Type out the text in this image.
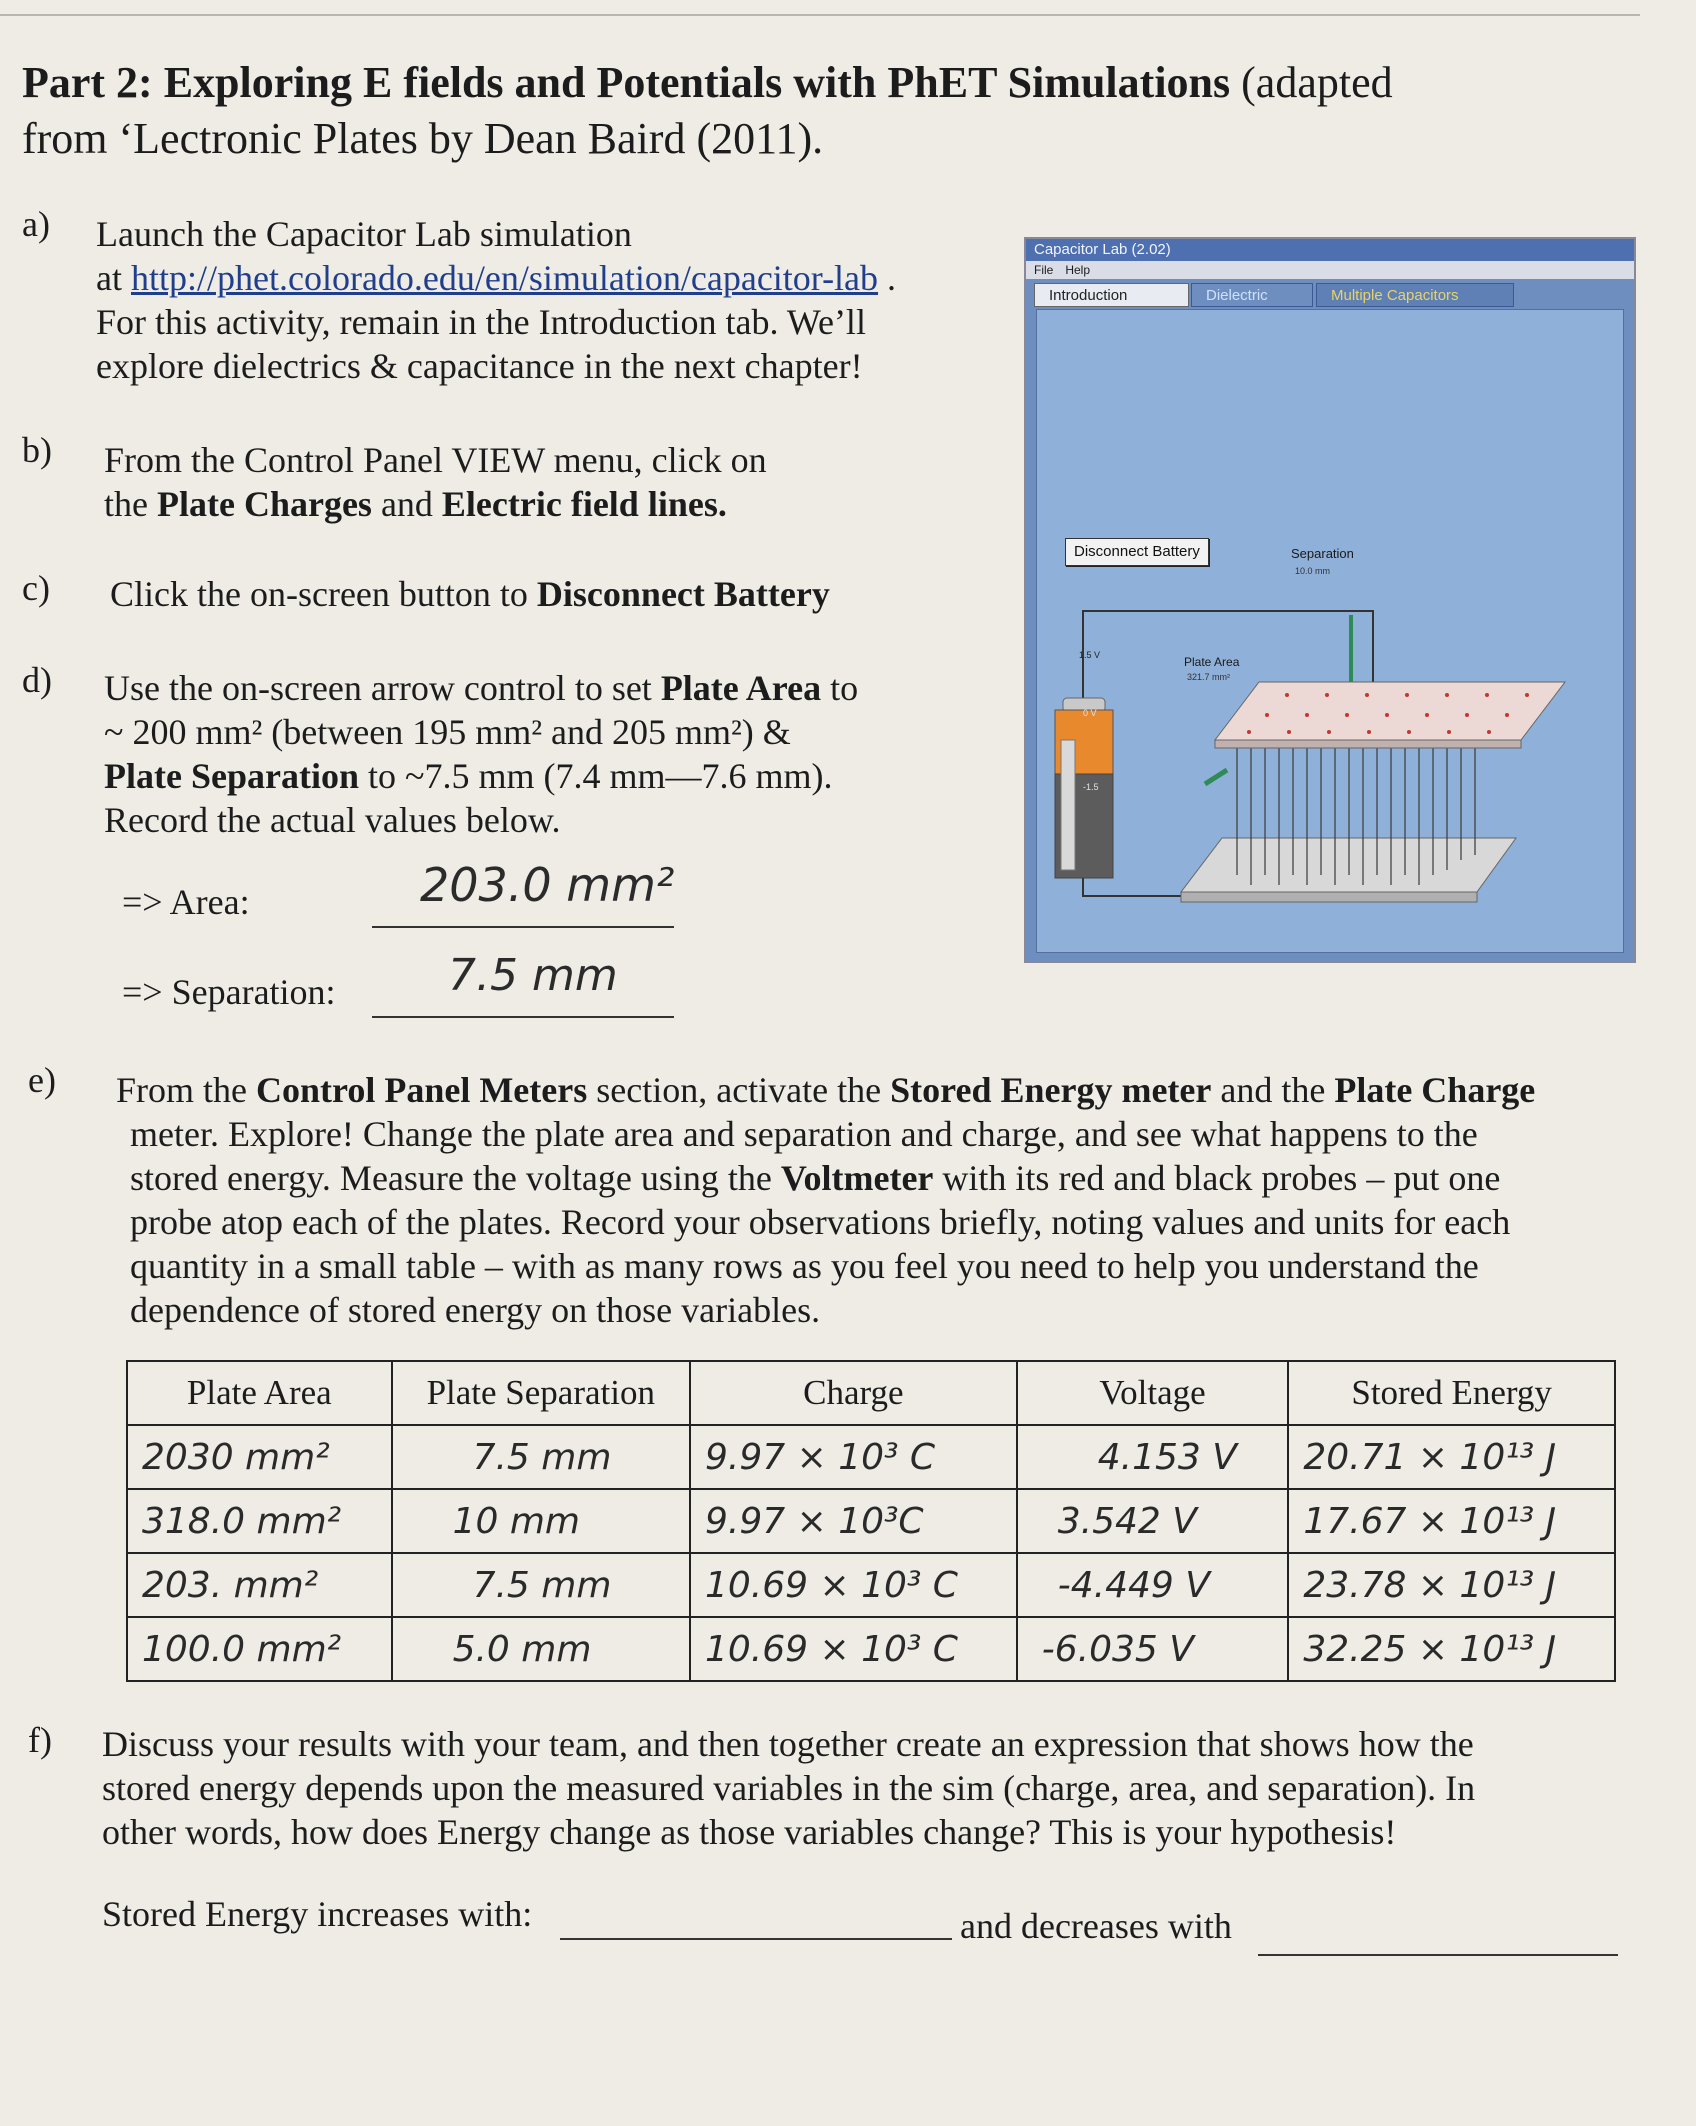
Part 2: Exploring E fields and Potentials with PhET Simulations (adapted from ‘Lectronic Plates by Dean Baird (2011).
a) Launch the Capacitor Lab simulation
at http://phet.colorado.edu/en/simulation/capacitor-lab .
For this activity, remain in the Introduction tab. We’ll
explore dielectrics & capacitance in the next chapter!
b) From the Control Panel VIEW menu, click on
the Plate Charges and Electric field lines.
c) Click the on-screen button to Disconnect Battery
d) Use the on-screen arrow control to set Plate Area to
~ 200 mm² (between 195 mm² and 205 mm²) &
Plate Separation to ~7.5 mm (7.4 mm—7.6 mm).
Record the actual values below.
=> Area:	203.0 mm²
=> Separation:	7.5 mm
Capacitor Lab (2.02)
File Help
Introduction	Dielectric	Multiple Capacitors
Disconnect Battery	Separation
10.0 mm
Plate Area
321.7 mm²
1.5 V
0 V
-1.5
e) From the Control Panel Meters section, activate the Stored Energy meter and the Plate Charge
meter. Explore! Change the plate area and separation and charge, and see what happens to the
stored energy. Measure the voltage using the Voltmeter with its red and black probes – put one
probe atop each of the plates. Record your observations briefly, noting values and units for each
quantity in a small table – with as many rows as you feel you need to help you understand the
dependence of stored energy on those variables.
Plate Area	Plate Separation	Charge	Voltage	Stored Energy
2030 mm²	7.5 mm	9.97 × 10³ C	4.153 V	20.71 × 10¹³ J
318.0 mm²	10 mm	9.97 × 10³C	3.542 V	17.67 × 10¹³ J
203. mm²	7.5 mm	10.69 × 10³ C	-4.449 V	23.78 × 10¹³ J
100.0 mm²	5.0 mm	10.69 × 10³ C	-6.035 V	32.25 × 10¹³ J
f) Discuss your results with your team, and then together create an expression that shows how the
stored energy depends upon the measured variables in the sim (charge, area, and separation). In
other words, how does Energy change as those variables change? This is your hypothesis!
Stored Energy increases with:	and decreases with
